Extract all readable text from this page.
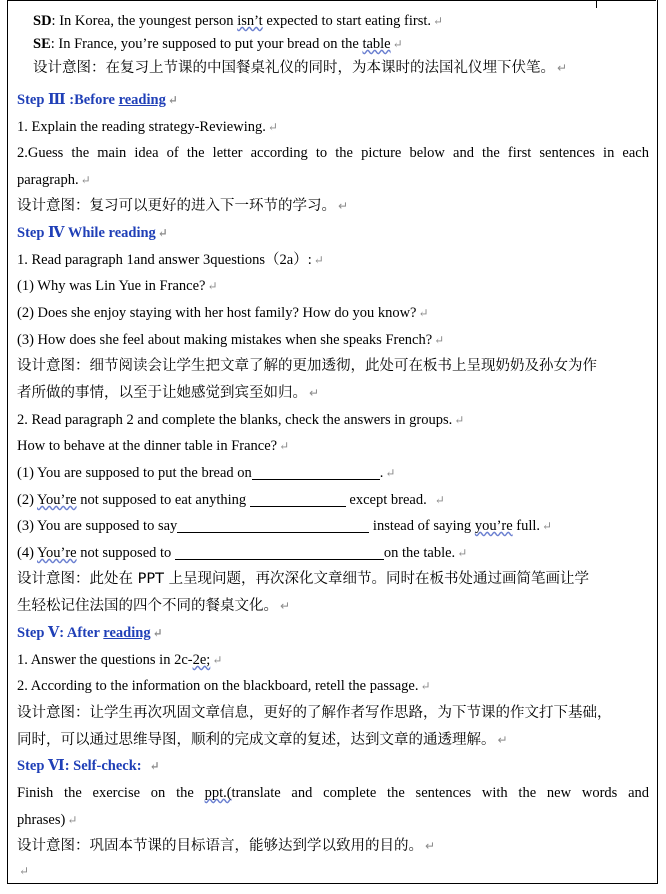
SD: In Korea, the youngest person isn’t expected to start eating first. ↵
SE: In France, you’re supposed to put your bread on the table ↵
设计意图：在复习上节课的中国餐桌礼仪的同时，为本课时的法国礼仪埋下伏笔。 ↵
Step Ⅲ :Before reading ↵
1. Explain the reading strategy-Reviewing. ↵
2.Guess the main idea of the letter according to the picture below and the first sentences in each
paragraph. ↵
设计意图：复习可以更好的进入下一环节的学习。 ↵
Step Ⅳ While reading ↵
1. Read paragraph 1and answer 3questions（2a）: ↵
(1) Why was Lin Yue in France? ↵
(2) Does she enjoy staying with her host family? How do you know? ↵
(3) How does she feel about making mistakes when she speaks French? ↵
设计意图：细节阅读会让学生把文章了解的更加透彻，此处可在板书上呈现奶奶及孙女为作
者所做的事情，以至于让她感觉到宾至如归。 ↵
2. Read paragraph 2 and complete the blanks, check the answers in groups. ↵
How to behave at the dinner table in France? ↵
(1) You are supposed to put the bread on	. ↵
(2) You’re not supposed to eat anything	except bread. ↵
(3) You are supposed to say	instead of saying you’re full. ↵
(4) You’re not supposed to	on the table. ↵
设计意图：此处在 PPT 上呈现问题，再次深化文章细节。同时在板书处通过画简笔画让学
生轻松记住法国的四个不同的餐桌文化。 ↵
Step Ⅴ: After reading ↵
1. Answer the questions in 2c-2e; ↵
2. According to the information on the blackboard, retell the passage. ↵
设计意图：让学生再次巩固文章信息，更好的了解作者写作思路，为下节课的作文打下基础，
同时，可以通过思维导图，顺利的完成文章的复述，达到文章的通透理解。 ↵
Step Ⅵ: Self-check: ↵
Finish the exercise on the ppt.(translate and complete the sentences with the new words and
phrases) ↵
设计意图：巩固本节课的目标语言，能够达到学以致用的目的。 ↵
↵
